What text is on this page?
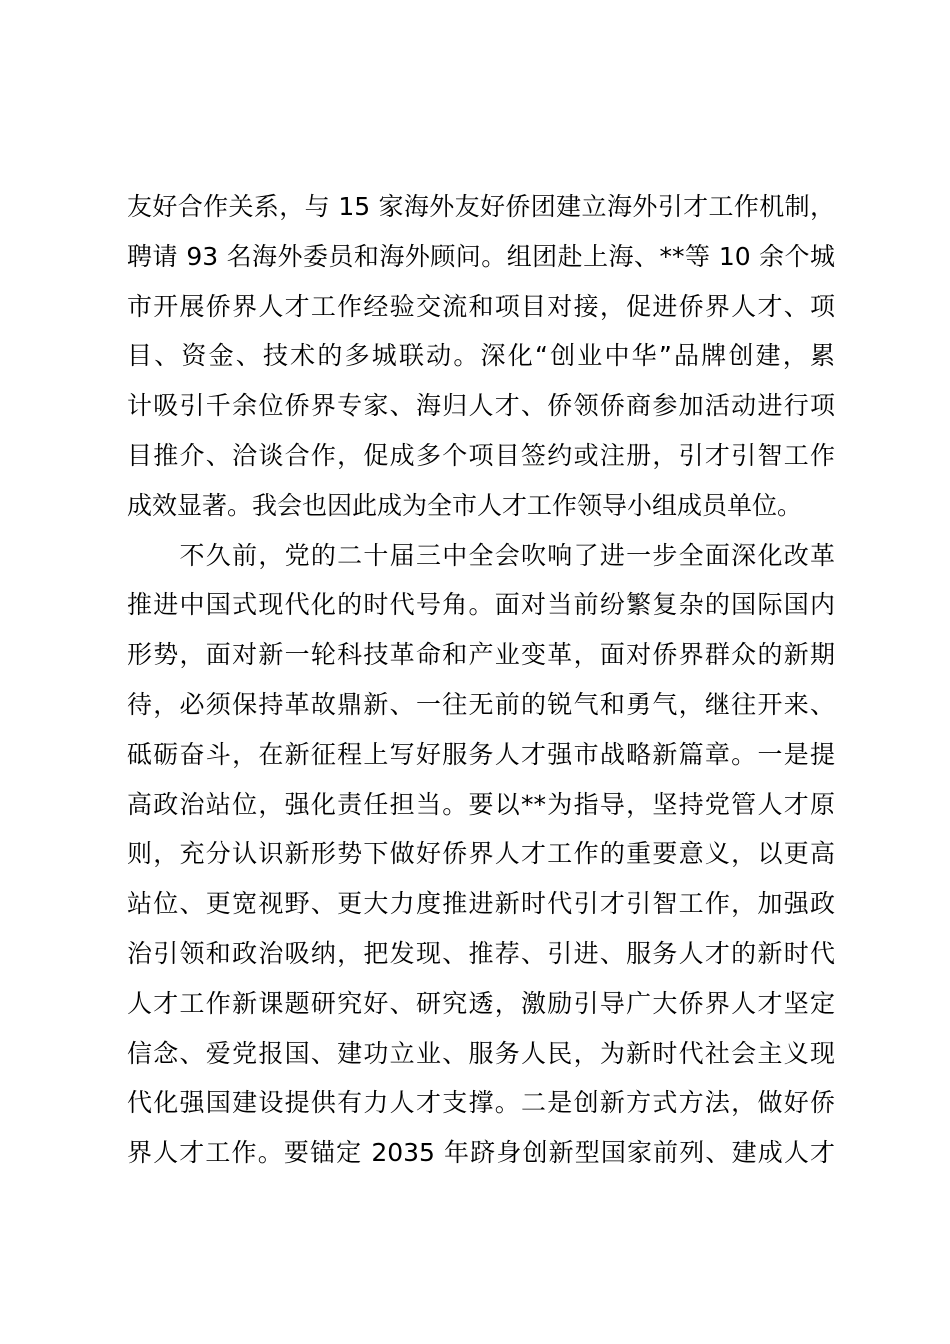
友好合作关系，与 15 家海外友好侨团建立海外引才工作机制，
聘请 93 名海外委员和海外顾问。组团赴上海、**等 10 余个城
市开展侨界人才工作经验交流和项目对接，促进侨界人才、项
目、资金、技术的多城联动。深化“创业中华”品牌创建，累
计吸引千余位侨界专家、海归人才、侨领侨商参加活动进行项
目推介、洽谈合作，促成多个项目签约或注册，引才引智工作
成效显著。我会也因此成为全市人才工作领导小组成员单位。
　　不久前，党的二十届三中全会吹响了进一步全面深化改革
推进中国式现代化的时代号角。面对当前纷繁复杂的国际国内
形势，面对新一轮科技革命和产业变革，面对侨界群众的新期
待，必须保持革故鼎新、一往无前的锐气和勇气，继往开来、
砥砺奋斗，在新征程上写好服务人才强市战略新篇章。一是提
高政治站位，强化责任担当。要以**为指导，坚持党管人才原
则，充分认识新形势下做好侨界人才工作的重要意义，以更高
站位、更宽视野、更大力度推进新时代引才引智工作，加强政
治引领和政治吸纳，把发现、推荐、引进、服务人才的新时代
人才工作新课题研究好、研究透，激励引导广大侨界人才坚定
信念、爱党报国、建功立业、服务人民，为新时代社会主义现
代化强国建设提供有力人才支撑。二是创新方式方法，做好侨
界人才工作。要锚定 2035 年跻身创新型国家前列、建成人才
